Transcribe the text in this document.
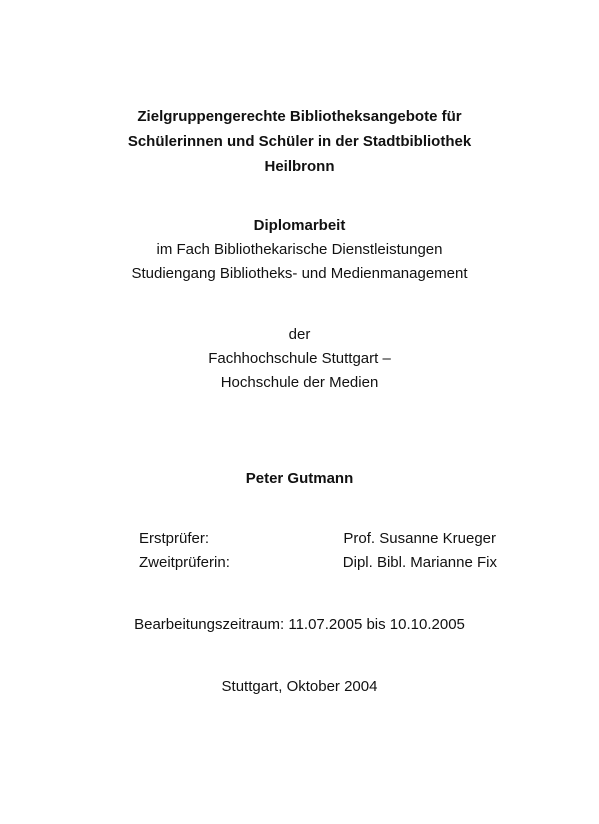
Zielgruppengerechte Bibliotheksangebote für
Schülerinnen und Schüler in der Stadtbibliothek
Heilbronn
Diplomarbeit
im Fach Bibliothekarische Dienstleistungen
Studiengang Bibliotheks- und Medienmanagement
der
Fachhochschule Stuttgart –
Hochschule der Medien
Peter Gutmann
Erstprüfer:	Prof. Susanne Krueger
Zweitprüferin:	Dipl. Bibl. Marianne Fix
Bearbeitungszeitraum: 11.07.2005 bis 10.10.2005
Stuttgart, Oktober 2004
